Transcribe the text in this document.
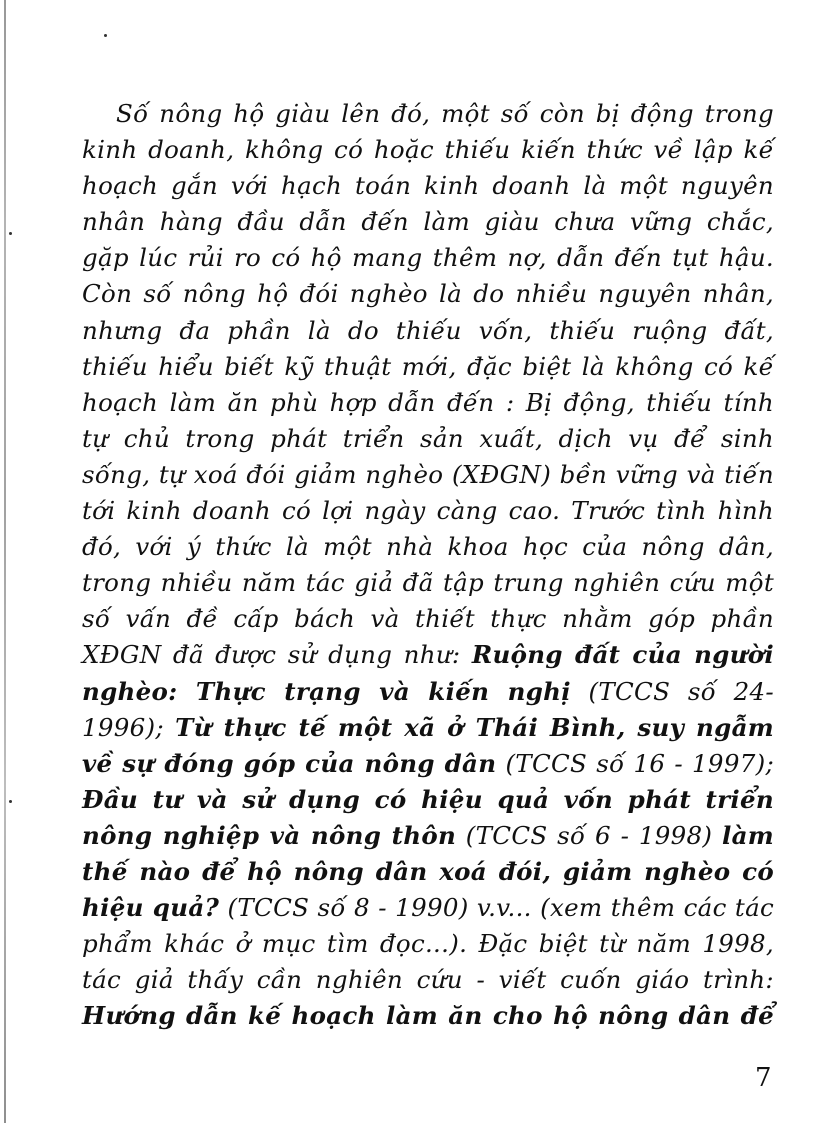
Số nông hộ giàu lên đó, một số còn bị động trong
kinh doanh, không có hoặc thiếu kiến thức về lập kế
hoạch gắn với hạch toán kinh doanh là một nguyên
nhân hàng đầu dẫn đến làm giàu chưa vững chắc,
gặp lúc rủi ro có hộ mang thêm nợ, dẫn đến tụt hậu.
Còn số nông hộ đói nghèo là do nhiều nguyên nhân,
nhưng đa phần là do thiếu vốn, thiếu ruộng đất,
thiếu hiểu biết kỹ thuật mới, đặc biệt là không có kế
hoạch làm ăn phù hợp dẫn đến : Bị động, thiếu tính
tự chủ trong phát triển sản xuất, dịch vụ để sinh
sống, tự xoá đói giảm nghèo (XĐGN) bền vững và tiến
tới kinh doanh có lợi ngày càng cao. Trước tình hình
đó, với ý thức là một nhà khoa học của nông dân,
trong nhiều năm tác giả đã tập trung nghiên cứu một
số vấn đề cấp bách và thiết thực nhằm góp phần
XĐGN đã được sử dụng như: Ruộng đất của người
nghèo: Thực trạng và kiến nghị (TCCS số 24-
1996); Từ thực tế một xã ở Thái Bình, suy ngẫm
về sự đóng góp của nông dân (TCCS số 16 - 1997);
Đầu tư và sử dụng có hiệu quả vốn phát triển
nông nghiệp và nông thôn (TCCS số 6 - 1998) làm
thế nào để hộ nông dân xoá đói, giảm nghèo có
hiệu quả? (TCCS số 8 - 1990) v.v... (xem thêm các tác
phẩm khác ở mục tìm đọc...). Đặc biệt từ năm 1998,
tác giả thấy cần nghiên cứu - viết cuốn giáo trình:
Hướng dẫn kế hoạch làm ăn cho hộ nông dân để
7
